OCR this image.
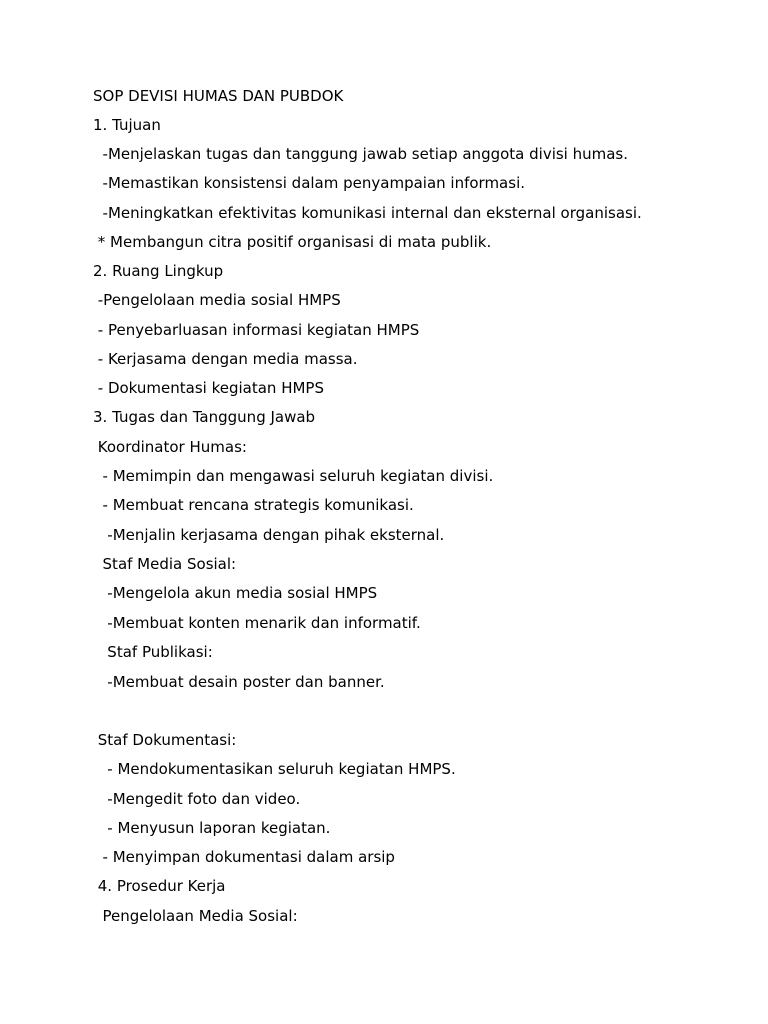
SOP DEVISI HUMAS DAN PUBDOK
1. Tujuan
-Menjelaskan tugas dan tanggung jawab setiap anggota divisi humas.
-Memastikan konsistensi dalam penyampaian informasi.
-Meningkatkan efektivitas komunikasi internal dan eksternal organisasi.
* Membangun citra positif organisasi di mata publik.
2. Ruang Lingkup
-Pengelolaan media sosial HMPS
- Penyebarluasan informasi kegiatan HMPS
- Kerjasama dengan media massa.
- Dokumentasi kegiatan HMPS
3. Tugas dan Tanggung Jawab
Koordinator Humas:
- Memimpin dan mengawasi seluruh kegiatan divisi.
- Membuat rencana strategis komunikasi.
-Menjalin kerjasama dengan pihak eksternal.
Staf Media Sosial:
-Mengelola akun media sosial HMPS
-Membuat konten menarik dan informatif.
Staf Publikasi:
-Membuat desain poster dan banner.
Staf Dokumentasi:
- Mendokumentasikan seluruh kegiatan HMPS.
-Mengedit foto dan video.
- Menyusun laporan kegiatan.
- Menyimpan dokumentasi dalam arsip
4. Prosedur Kerja
Pengelolaan Media Sosial:
